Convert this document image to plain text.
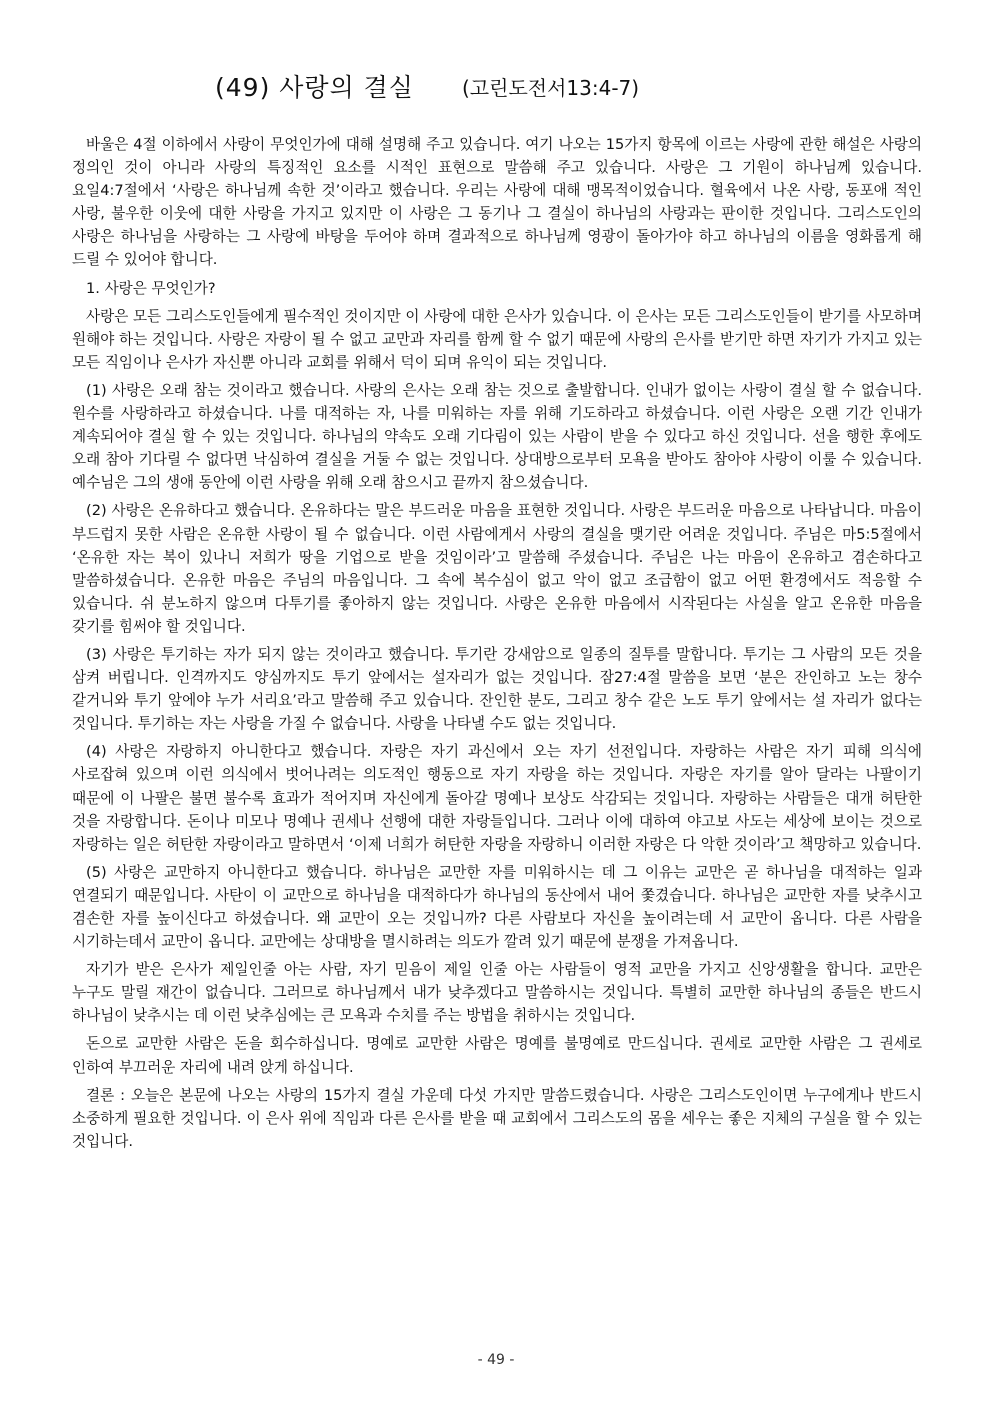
(49) 사랑의 결실 (고린도전서13:4-7)

바울은 4절 이하에서 사랑이 무엇인가에 대해 설명해 주고 있습니다. 여기 나오는 15가지 항목에 이르는 사랑에 관한 해설은 사랑의 정의인 것이 아니라 사랑의 특징적인 요소를 시적인 표현으로 말씀해 주고 있습니다. 사랑은 그 기원이 하나님께 있습니다. 요일4:7절에서 ‘사랑은 하나님께 속한 것’이라고 했습니다. 우리는 사랑에 대해 맹목적이었습니다. 혈육에서 나온 사랑, 동포애 적인 사랑, 불우한 이웃에 대한 사랑을 가지고 있지만 이 사랑은 그 동기나 그 결실이 하나님의 사랑과는 판이한 것입니다. 그리스도인의 사랑은 하나님을 사랑하는 그 사랑에 바탕을 두어야 하며 결과적으로 하나님께 영광이 돌아가야 하고 하나님의 이름을 영화롭게 해 드릴 수 있어야 합니다.

1. 사랑은 무엇인가?

사랑은 모든 그리스도인들에게 필수적인 것이지만 이 사랑에 대한 은사가 있습니다. 이 은사는 모든 그리스도인들이 받기를 사모하며 원해야 하는 것입니다. 사랑은 자랑이 될 수 없고 교만과 자리를 함께 할 수 없기 때문에 사랑의 은사를 받기만 하면 자기가 가지고 있는 모든 직임이나 은사가 자신뿐 아니라 교회를 위해서 덕이 되며 유익이 되는 것입니다.

(1) 사랑은 오래 참는 것이라고 했습니다. 사랑의 은사는 오래 참는 것으로 출발합니다. 인내가 없이는 사랑이 결실 할 수 없습니다. 원수를 사랑하라고 하셨습니다. 나를 대적하는 자, 나를 미워하는 자를 위해 기도하라고 하셨습니다. 이런 사랑은 오랜 기간 인내가 계속되어야 결실 할 수 있는 것입니다. 하나님의 약속도 오래 기다림이 있는 사람이 받을 수 있다고 하신 것입니다. 선을 행한 후에도 오래 참아 기다릴 수 없다면 낙심하여 결실을 거둘 수 없는 것입니다. 상대방으로부터 모욕을 받아도 참아야 사랑이 이룰 수 있습니다. 예수님은 그의 생애 동안에 이런 사랑을 위해 오래 참으시고 끝까지 참으셨습니다.

(2) 사랑은 온유하다고 했습니다. 온유하다는 말은 부드러운 마음을 표현한 것입니다. 사랑은 부드러운 마음으로 나타납니다. 마음이 부드럽지 못한 사람은 온유한 사랑이 될 수 없습니다. 이런 사람에게서 사랑의 결실을 맺기란 어려운 것입니다. 주님은 마5:5절에서 ‘온유한 자는 복이 있나니 저희가 땅을 기업으로 받을 것임이라’고 말씀해 주셨습니다. 주님은 나는 마음이 온유하고 겸손하다고 말씀하셨습니다. 온유한 마음은 주님의 마음입니다. 그 속에 복수심이 없고 악이 없고 조급함이 없고 어떤 환경에서도 적응할 수 있습니다. 쉬 분노하지 않으며 다투기를 좋아하지 않는 것입니다. 사랑은 온유한 마음에서 시작된다는 사실을 알고 온유한 마음을 갖기를 힘써야 할 것입니다.

(3) 사랑은 투기하는 자가 되지 않는 것이라고 했습니다. 투기란 강새암으로 일종의 질투를 말합니다. 투기는 그 사람의 모든 것을 삼켜 버립니다. 인격까지도 양심까지도 투기 앞에서는 설자리가 없는 것입니다. 잠27:4절 말씀을 보면 ‘분은 잔인하고 노는 창수 같거니와 투기 앞에야 누가 서리요’라고 말씀해 주고 있습니다. 잔인한 분도, 그리고 창수 같은 노도 투기 앞에서는 설 자리가 없다는 것입니다. 투기하는 자는 사랑을 가질 수 없습니다. 사랑을 나타낼 수도 없는 것입니다.

(4) 사랑은 자랑하지 아니한다고 했습니다. 자랑은 자기 과신에서 오는 자기 선전입니다. 자랑하는 사람은 자기 피해 의식에 사로잡혀 있으며 이런 의식에서 벗어나려는 의도적인 행동으로 자기 자랑을 하는 것입니다. 자랑은 자기를 알아 달라는 나팔이기 때문에 이 나팔은 불면 불수록 효과가 적어지며 자신에게 돌아갈 명예나 보상도 삭감되는 것입니다. 자랑하는 사람들은 대개 허탄한 것을 자랑합니다. 돈이나 미모나 명예나 권세나 선행에 대한 자랑들입니다. 그러나 이에 대하여 야고보 사도는 세상에 보이는 것으로 자랑하는 일은 허탄한 자랑이라고 말하면서 ‘이제 너희가 허탄한 자랑을 자랑하니 이러한 자랑은 다 악한 것이라’고 책망하고 있습니다.

(5) 사랑은 교만하지 아니한다고 했습니다. 하나님은 교만한 자를 미워하시는 데 그 이유는 교만은 곧 하나님을 대적하는 일과 연결되기 때문입니다. 사탄이 이 교만으로 하나님을 대적하다가 하나님의 동산에서 내어 쫓겼습니다. 하나님은 교만한 자를 낮추시고 겸손한 자를 높이신다고 하셨습니다. 왜 교만이 오는 것입니까? 다른 사람보다 자신을 높이려는데 서 교만이 옵니다. 다른 사람을 시기하는데서 교만이 옵니다. 교만에는 상대방을 멸시하려는 의도가 깔려 있기 때문에 분쟁을 가져옵니다.

자기가 받은 은사가 제일인줄 아는 사람, 자기 믿음이 제일 인줄 아는 사람들이 영적 교만을 가지고 신앙생활을 합니다. 교만은 누구도 말릴 재간이 없습니다. 그러므로 하나님께서 내가 낮추겠다고 말씀하시는 것입니다. 특별히 교만한 하나님의 종들은 반드시 하나님이 낮추시는 데 이런 낮추심에는 큰 모욕과 수치를 주는 방법을 취하시는 것입니다.

돈으로 교만한 사람은 돈을 회수하십니다. 명예로 교만한 사람은 명예를 불명예로 만드십니다. 권세로 교만한 사람은 그 권세로 인하여 부끄러운 자리에 내려 앉게 하십니다.

결론 : 오늘은 본문에 나오는 사랑의 15가지 결실 가운데 다섯 가지만 말씀드렸습니다. 사랑은 그리스도인이면 누구에게나 반드시 소중하게 필요한 것입니다. 이 은사 위에 직임과 다른 은사를 받을 때 교회에서 그리스도의 몸을 세우는 좋은 지체의 구실을 할 수 있는 것입니다.

- 49 -
